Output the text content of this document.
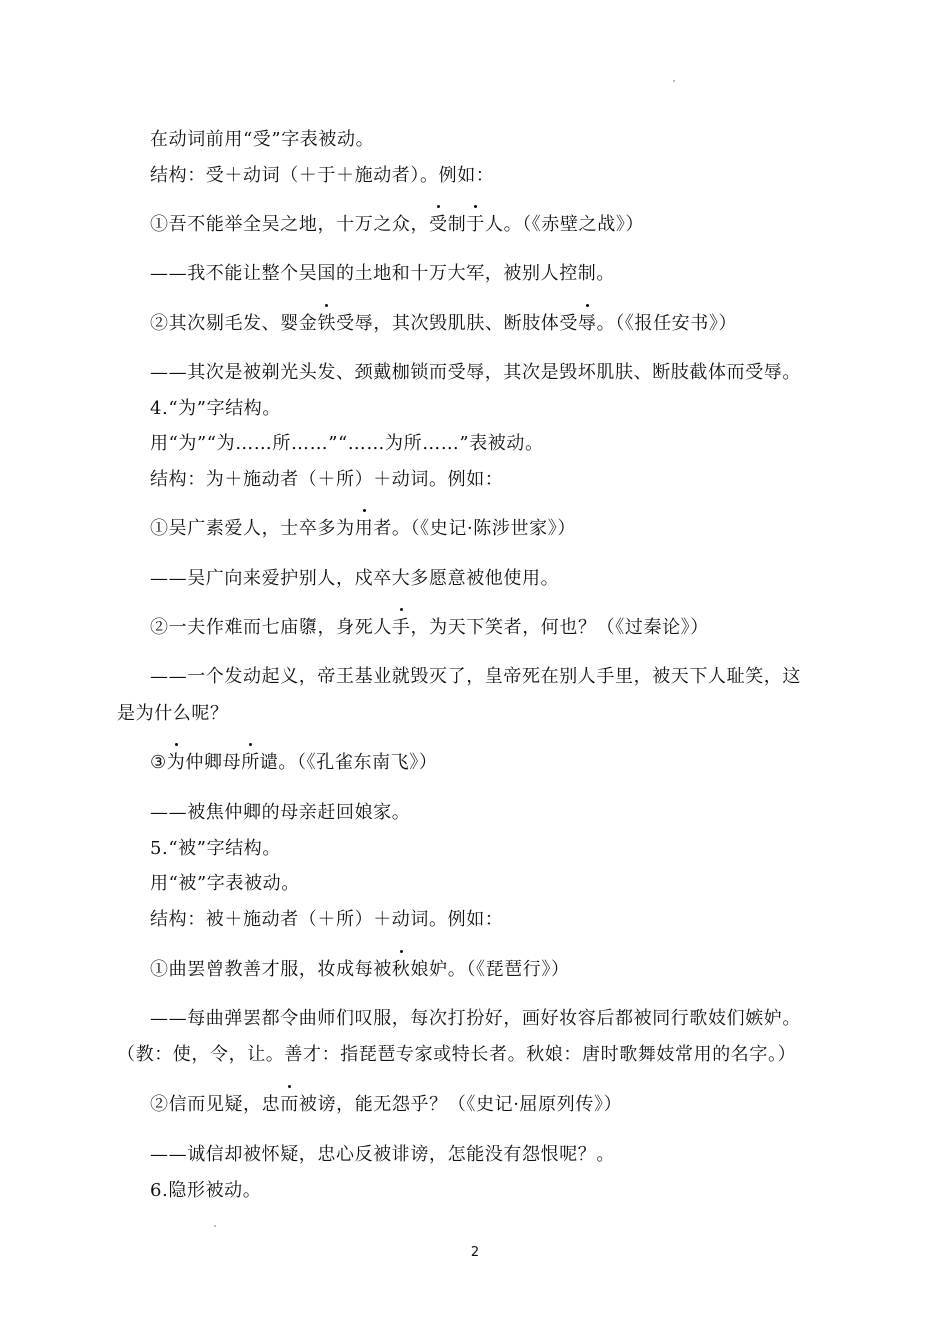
在动词前用“受”字表被动。
结构：受＋动词（＋于＋施动者）。例如：
①吾不能举全吴之地，十万之众，受制于人。（《赤壁之战》）
——我不能让整个吴国的土地和十万大军，被别人控制。
②其次剔毛发、婴金铁受辱，其次毁肌肤、断肢体受辱。（《报任安书》）
——其次是被剃光头发、颈戴枷锁而受辱，其次是毁坏肌肤、断肢截体而受辱。
4.“为”字结构。
用“为”“为……所……”“……为所……”表被动。
结构：为＋施动者（＋所）＋动词。例如：
①吴广素爱人，士卒多为用者。（《史记·陈涉世家》）
——吴广向来爱护别人，戍卒大多愿意被他使用。
②一夫作难而七庙隳，身死人手，为天下笑者，何也？（《过秦论》）
——一个发动起义，帝王基业就毁灭了，皇帝死在别人手里，被天下人耻笑，这
是为什么呢？
③为仲卿母所谴。（《孔雀东南飞》）
——被焦仲卿的母亲赶回娘家。
5.“被”字结构。
用“被”字表被动。
结构：被＋施动者（＋所）＋动词。例如：
①曲罢曾教善才服，妆成每被秋娘妒。（《琵琶行》）
——每曲弹罢都令曲师们叹服，每次打扮好，画好妆容后都被同行歌妓们嫉妒。
（教：使，令，让。善才：指琵琶专家或特长者。秋娘：唐时歌舞妓常用的名字。）
②信而见疑，忠而被谤，能无怨乎？（《史记·屈原列传》）
——诚信却被怀疑，忠心反被诽谤，怎能没有怨恨呢？。
6.隐形被动。
2
